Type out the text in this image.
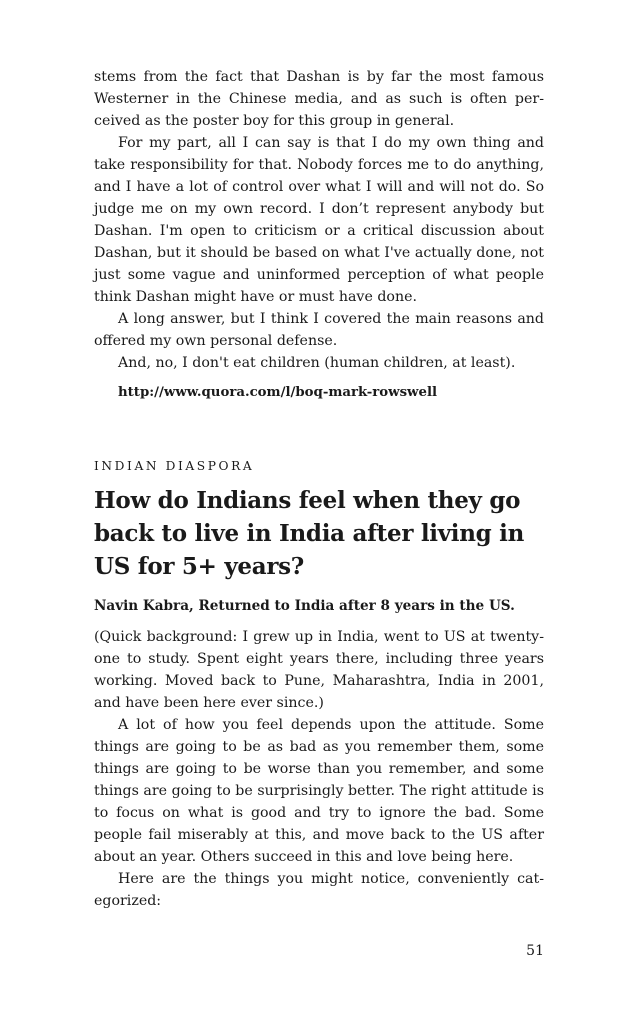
stems from the fact that Dashan is by far the most famous Westerner in the Chinese media, and as such is often per-ceived as the poster boy for this group in general.

For my part, all I can say is that I do my own thing and take responsibility for that. Nobody forces me to do anything, and I have a lot of control over what I will and will not do. So judge me on my own record. I don’t represent anybody but Dashan. I'm open to criticism or a critical discussion about Dashan, but it should be based on what I've actually done, not just some vague and uninformed perception of what people think Dashan might have or must have done.

A long answer, but I think I covered the main reasons and offered my own personal defense.

And, no, I don't eat children (human children, at least).

http://www.quora.com/l/boq-mark-rowswell

INDIAN DIASPORA

How do Indians feel when they go back to live in India after living in US for 5+ years?

Navin Kabra, Returned to India after 8 years in the US.

(Quick background: I grew up in India, went to US at twenty-one to study. Spent eight years there, including three years working. Moved back to Pune, Maharashtra, India in 2001, and have been here ever since.)

A lot of how you feel depends upon the attitude. Some things are going to be as bad as you remember them, some things are going to be worse than you remember, and some things are going to be surprisingly better. The right attitude is to focus on what is good and try to ignore the bad. Some people fail miserably at this, and move back to the US after about an year. Others succeed in this and love being here.

Here are the things you might notice, conveniently cat-egorized:

51
